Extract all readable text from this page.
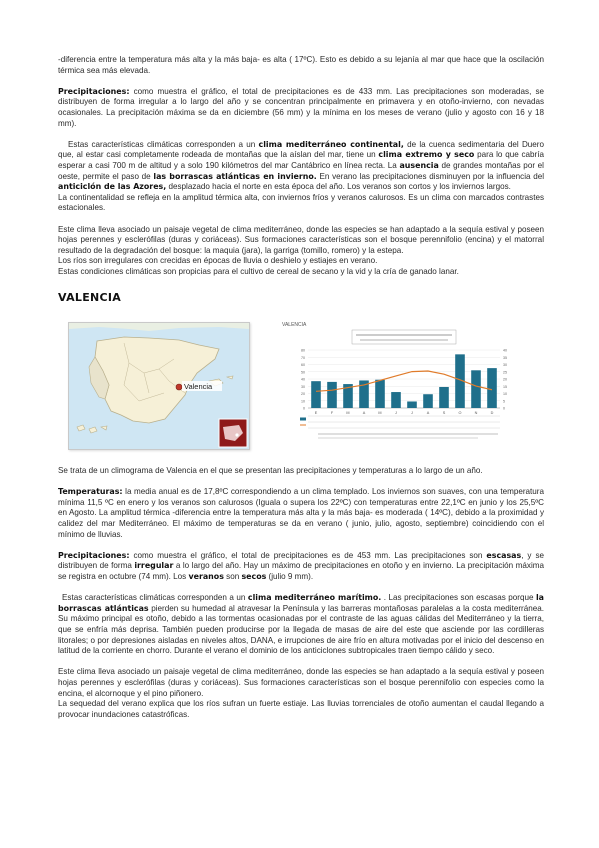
-diferencia entre la temperatura más alta y la más baja- es alta ( 17ºC). Esto es debido a su lejanía al mar que hace que la oscilación térmica sea más elevada.

Precipitaciones: como muestra el gráfico, el total de precipitaciones es de 433 mm. Las precipitaciones son moderadas, se distribuyen de forma irregular a lo largo del año y se concentran principalmente en primavera y en otoño-invierno, con nevadas ocasionales. La precipitación máxima se da en diciembre (56 mm) y la mínima en los meses de verano (julio y agosto con 16 y 18 mm).

Estas características climáticas corresponden a un clima mediterráneo continental, de la cuenca sedimentaria del Duero que, al estar casi completamente rodeada de montañas que la aíslan del mar, tiene un clima extremo y seco para lo que cabría esperar a casi 700 m de altitud y a solo 190 kilómetros del mar Cantábrico en línea recta. La ausencia de grandes montañas por el oeste, permite el paso de las borrascas atlánticas en invierno. En verano las precipitaciones disminuyen por la influencia del anticiclón de las Azores, desplazado hacia el norte en esta época del año. Los veranos son cortos y los inviernos largos.

La continentalidad se refleja en la amplitud térmica alta, con inviernos fríos y veranos calurosos. Es un clima con marcados contrastes estacionales.

Este clima lleva asociado un paisaje vegetal de clima mediterráneo, donde las especies se han adaptado a la sequía estival y poseen hojas perennes y esclerófilas (duras y coriáceas). Sus formaciones características son el bosque perennifolio (encina) y el matorral resultado de la degradación del bosque: la maquia (jara), la garriga (tomillo, romero) y la estepa.

Los ríos son irregulares con crecidas en épocas de lluvia o deshielo y estiajes en verano.

Estas condiciones climáticas son propicias para el cultivo de cereal de secano y la vid y la cría de ganado lanar.

VALENCIA
Valencia
VALENCIA
0
10
20
30
40
50
60
70
80
0
5
10
15
20
25
30
35
40
E	F	M	A	M	J	J	A	S	O	N	D

Se trata de un climograma de Valencia en el que se presentan las precipitaciones y temperaturas a lo largo de un año.

Temperaturas: la media anual es de 17,8ºC correspondiendo a un clima templado. Los inviernos son suaves, con una temperatura mínima 11,5 ºC en enero y los veranos son calurosos (Iguala o supera los 22ºC) con temperaturas entre 22,1ºC en junio y los 25,5ºC en Agosto. La amplitud térmica -diferencia entre la temperatura más alta y la más baja- es moderada ( 14ºC), debido a la proximidad y calidez del mar Mediterráneo. El máximo de temperaturas se da en verano ( junio, julio, agosto, septiembre) coincidiendo con el mínimo de lluvias.

Precipitaciones: como muestra el gráfico, el total de precipitaciones es de 453 mm. Las precipitaciones son escasas, y se distribuyen de forma irregular a lo largo del año. Hay un máximo de precipitaciones en otoño y en invierno. La precipitación máxima se registra en octubre (74 mm). Los veranos son secos (julio 9 mm).

Estas características climáticas corresponden a un clima mediterráneo marítimo. . Las precipitaciones son escasas porque la borrascas atlánticas pierden su humedad al atravesar la Península y las barreras montañosas paralelas a la costa mediterránea. Su máximo principal es otoño, debido a las tormentas ocasionadas por el contraste de las aguas cálidas del Mediterráneo y la tierra, que se enfría más deprisa. También pueden producirse por la llegada de masas de aire del este que asciende por las cordilleras litorales; o por depresiones aisladas en niveles altos, DANA, e irrupciones de aire frío en altura motivadas por el inicio del descenso en latitud de la corriente en chorro. Durante el verano el dominio de los anticiclones subtropicales traen tiempo cálido y seco.

Este clima lleva asociado un paisaje vegetal de clima mediterráneo, donde las especies se han adaptado a la sequía estival y poseen hojas perennes y esclerófilas (duras y coriáceas). Sus formaciones características son el bosque perennifolio con especies como la encina, el alcornoque y el pino piñonero.

La sequedad del verano explica que los ríos sufran un fuerte estiaje. Las lluvias torrenciales de otoño aumentan el caudal llegando a provocar inundaciones catastróficas.
